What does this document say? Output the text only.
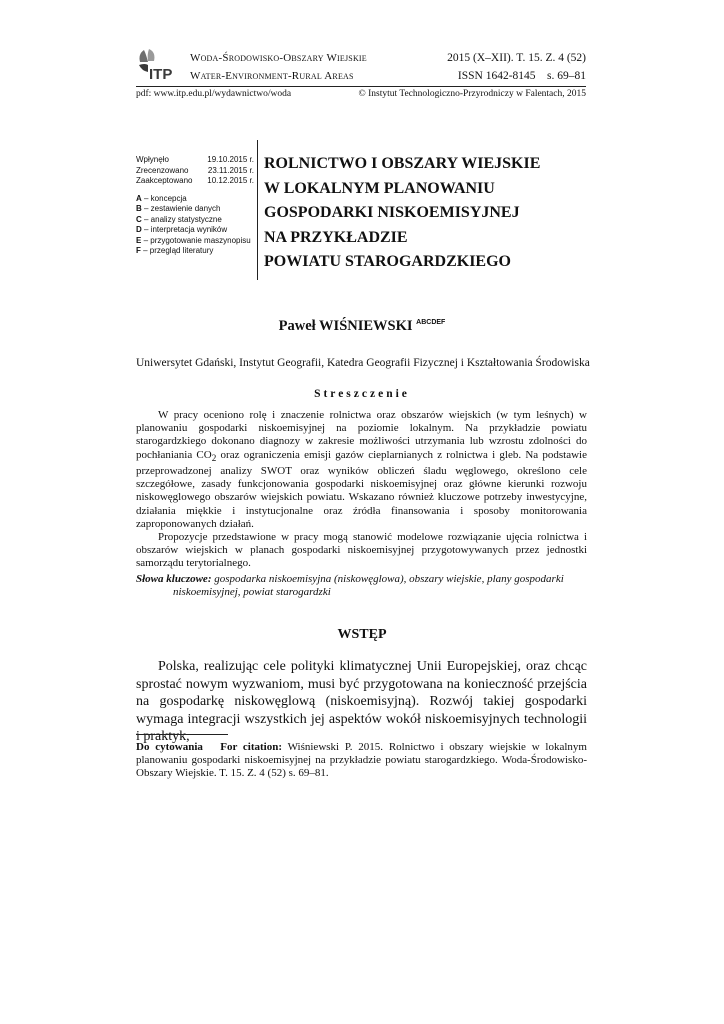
ITP
Woda-Środowisko-Obszary Wiejskie
Water-Environment-Rural Areas
2015 (X–XII). T. 15. Z. 4 (52)
ISSN 1642-8145    s. 69–81
pdf: www.itp.edu.pl/wydawnictwo/woda	© Instytut Technologiczno-Przyrodniczy w Falentach, 2015
Wpłynęło	19.10.2015 r.
Zrecenzowano 23.11.2015 r.
Zaakceptowano 10.12.2015 r.
A – koncepcja
B – zestawienie danych
C – analizy statystyczne
D – interpretacja wyników
E – przygotowanie maszynopisu
F – przegląd literatury
ROLNICTWO I OBSZARY WIEJSKIE
W LOKALNYM PLANOWANIU
GOSPODARKI NISKOEMISYJNEJ
NA PRZYKŁADZIE
POWIATU STAROGARDZKIEGO
Paweł WIŚNIEWSKI $^{ABCDEF}$
Uniwersytet Gdański, Instytut Geografii, Katedra Geografii Fizycznej i Kształtowania Środowiska
Streszczenie

W pracy oceniono rolę i znaczenie rolnictwa oraz obszarów wiejskich (w tym leśnych) w planowaniu gospodarki niskoemisyjnej na poziomie lokalnym. Na przykładzie powiatu starogardzkiego dokonano diagnozy w zakresie możliwości utrzymania lub wzrostu zdolności do pochłaniania $CO_2$ oraz ograniczenia emisji gazów cieplarnianych z rolnictwa i gleb. Na podstawie przeprowadzonej analizy SWOT oraz wyników obliczeń śladu węglowego, określono cele szczegółowe, zasady funkcjonowania gospodarki niskoemisyjnej oraz główne kierunki rozwoju niskowęglowego obszarów wiejskich powiatu. Wskazano również kluczowe potrzeby inwestycyjne, działania miękkie i instytucjonalne oraz źródła finansowania i sposoby monitorowania zaproponowanych działań.

Propozycje przedstawione w pracy mogą stanowić modelowe rozwiązanie ujęcia rolnictwa i obszarów wiejskich w planach gospodarki niskoemisyjnej przygotowywanych przez jednostki samorządu terytorialnego.

Słowa kluczowe: gospodarka niskoemisyjna (niskowęglowa), obszary wiejskie, plany gospodarki
niskoemisyjnej, powiat starogardzki
WSTĘP

Polska, realizując cele polityki klimatycznej Unii Europejskiej, oraz chcąc sprostać nowym wyzwaniom, musi być przygotowana na konieczność przejścia na gospodarkę niskowęglową (niskoemisyjną). Rozwój takiej gospodarki wymaga integracji wszystkich jej aspektów wokół niskoemisyjnych technologii i praktyk,

Do cytowania   For citation: Wiśniewski P. 2015. Rolnictwo i obszary wiejskie w lokalnym planowaniu gospodarki niskoemisyjnej na przykładzie powiatu starogardzkiego. Woda-Środowisko-Obszary Wiejskie. T. 15. Z. 4 (52) s. 69–81.
